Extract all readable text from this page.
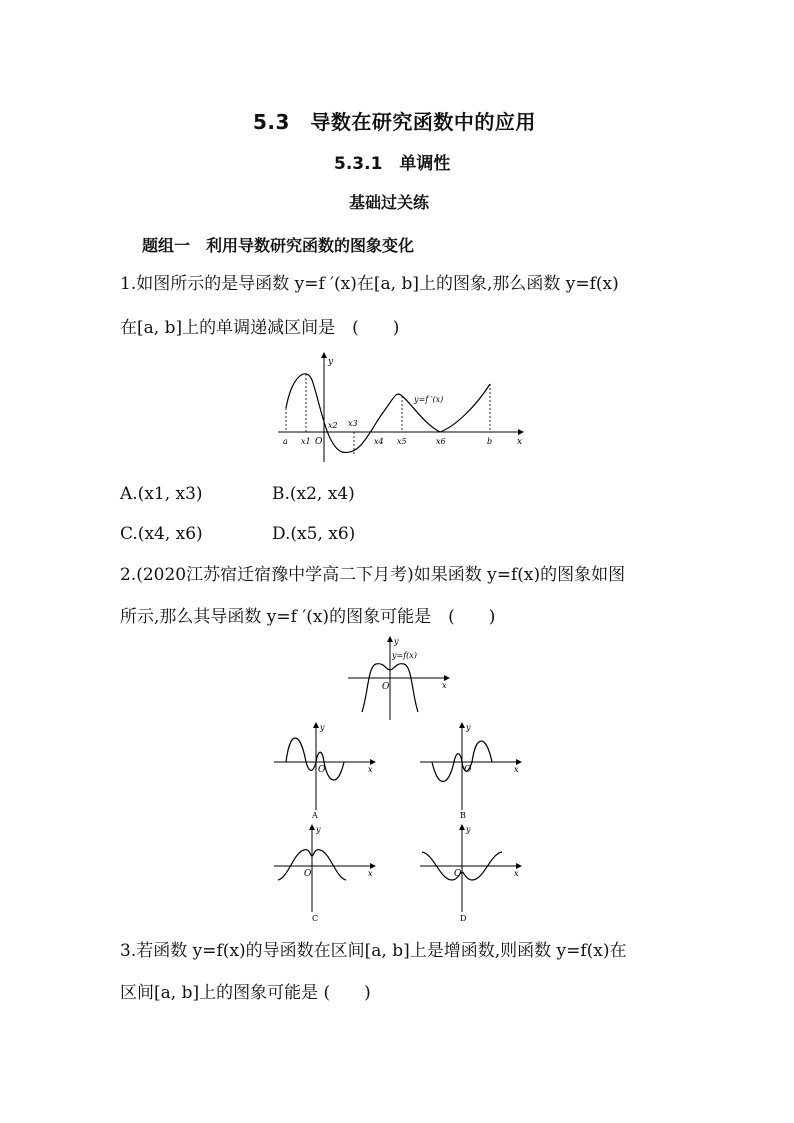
5.3　导数在研究函数中的应用
5.3.1　单调性
基础过关练
题组一　利用导数研究函数的图象变化
1.如图所示的是导函数 y=f ′(x)在[a, b]上的图象,那么函数 y=f(x)
在[a, b]上的单调递减区间是　(　　)
y
x
y=f ′(x)
O
a x1
x2 x3
x4 x5	x6	b
A.(x1, x3)	B.(x2, x4)
C.(x4, x6)	D.(x5, x6)
2.(2020江苏宿迁宿豫中学高二下月考)如果函数 y=f(x)的图象如图
所示,那么其导函数 y=f ′(x)的图象可能是　(　　)
y
x
y=f(x)
O
y
x
O
A
y
x
O
B
y
x
O
C
y
x
O
D
3.若函数 y=f(x)的导函数在区间[a, b]上是增函数,则函数 y=f(x)在
区间[a, b]上的图象可能是 (　　)
